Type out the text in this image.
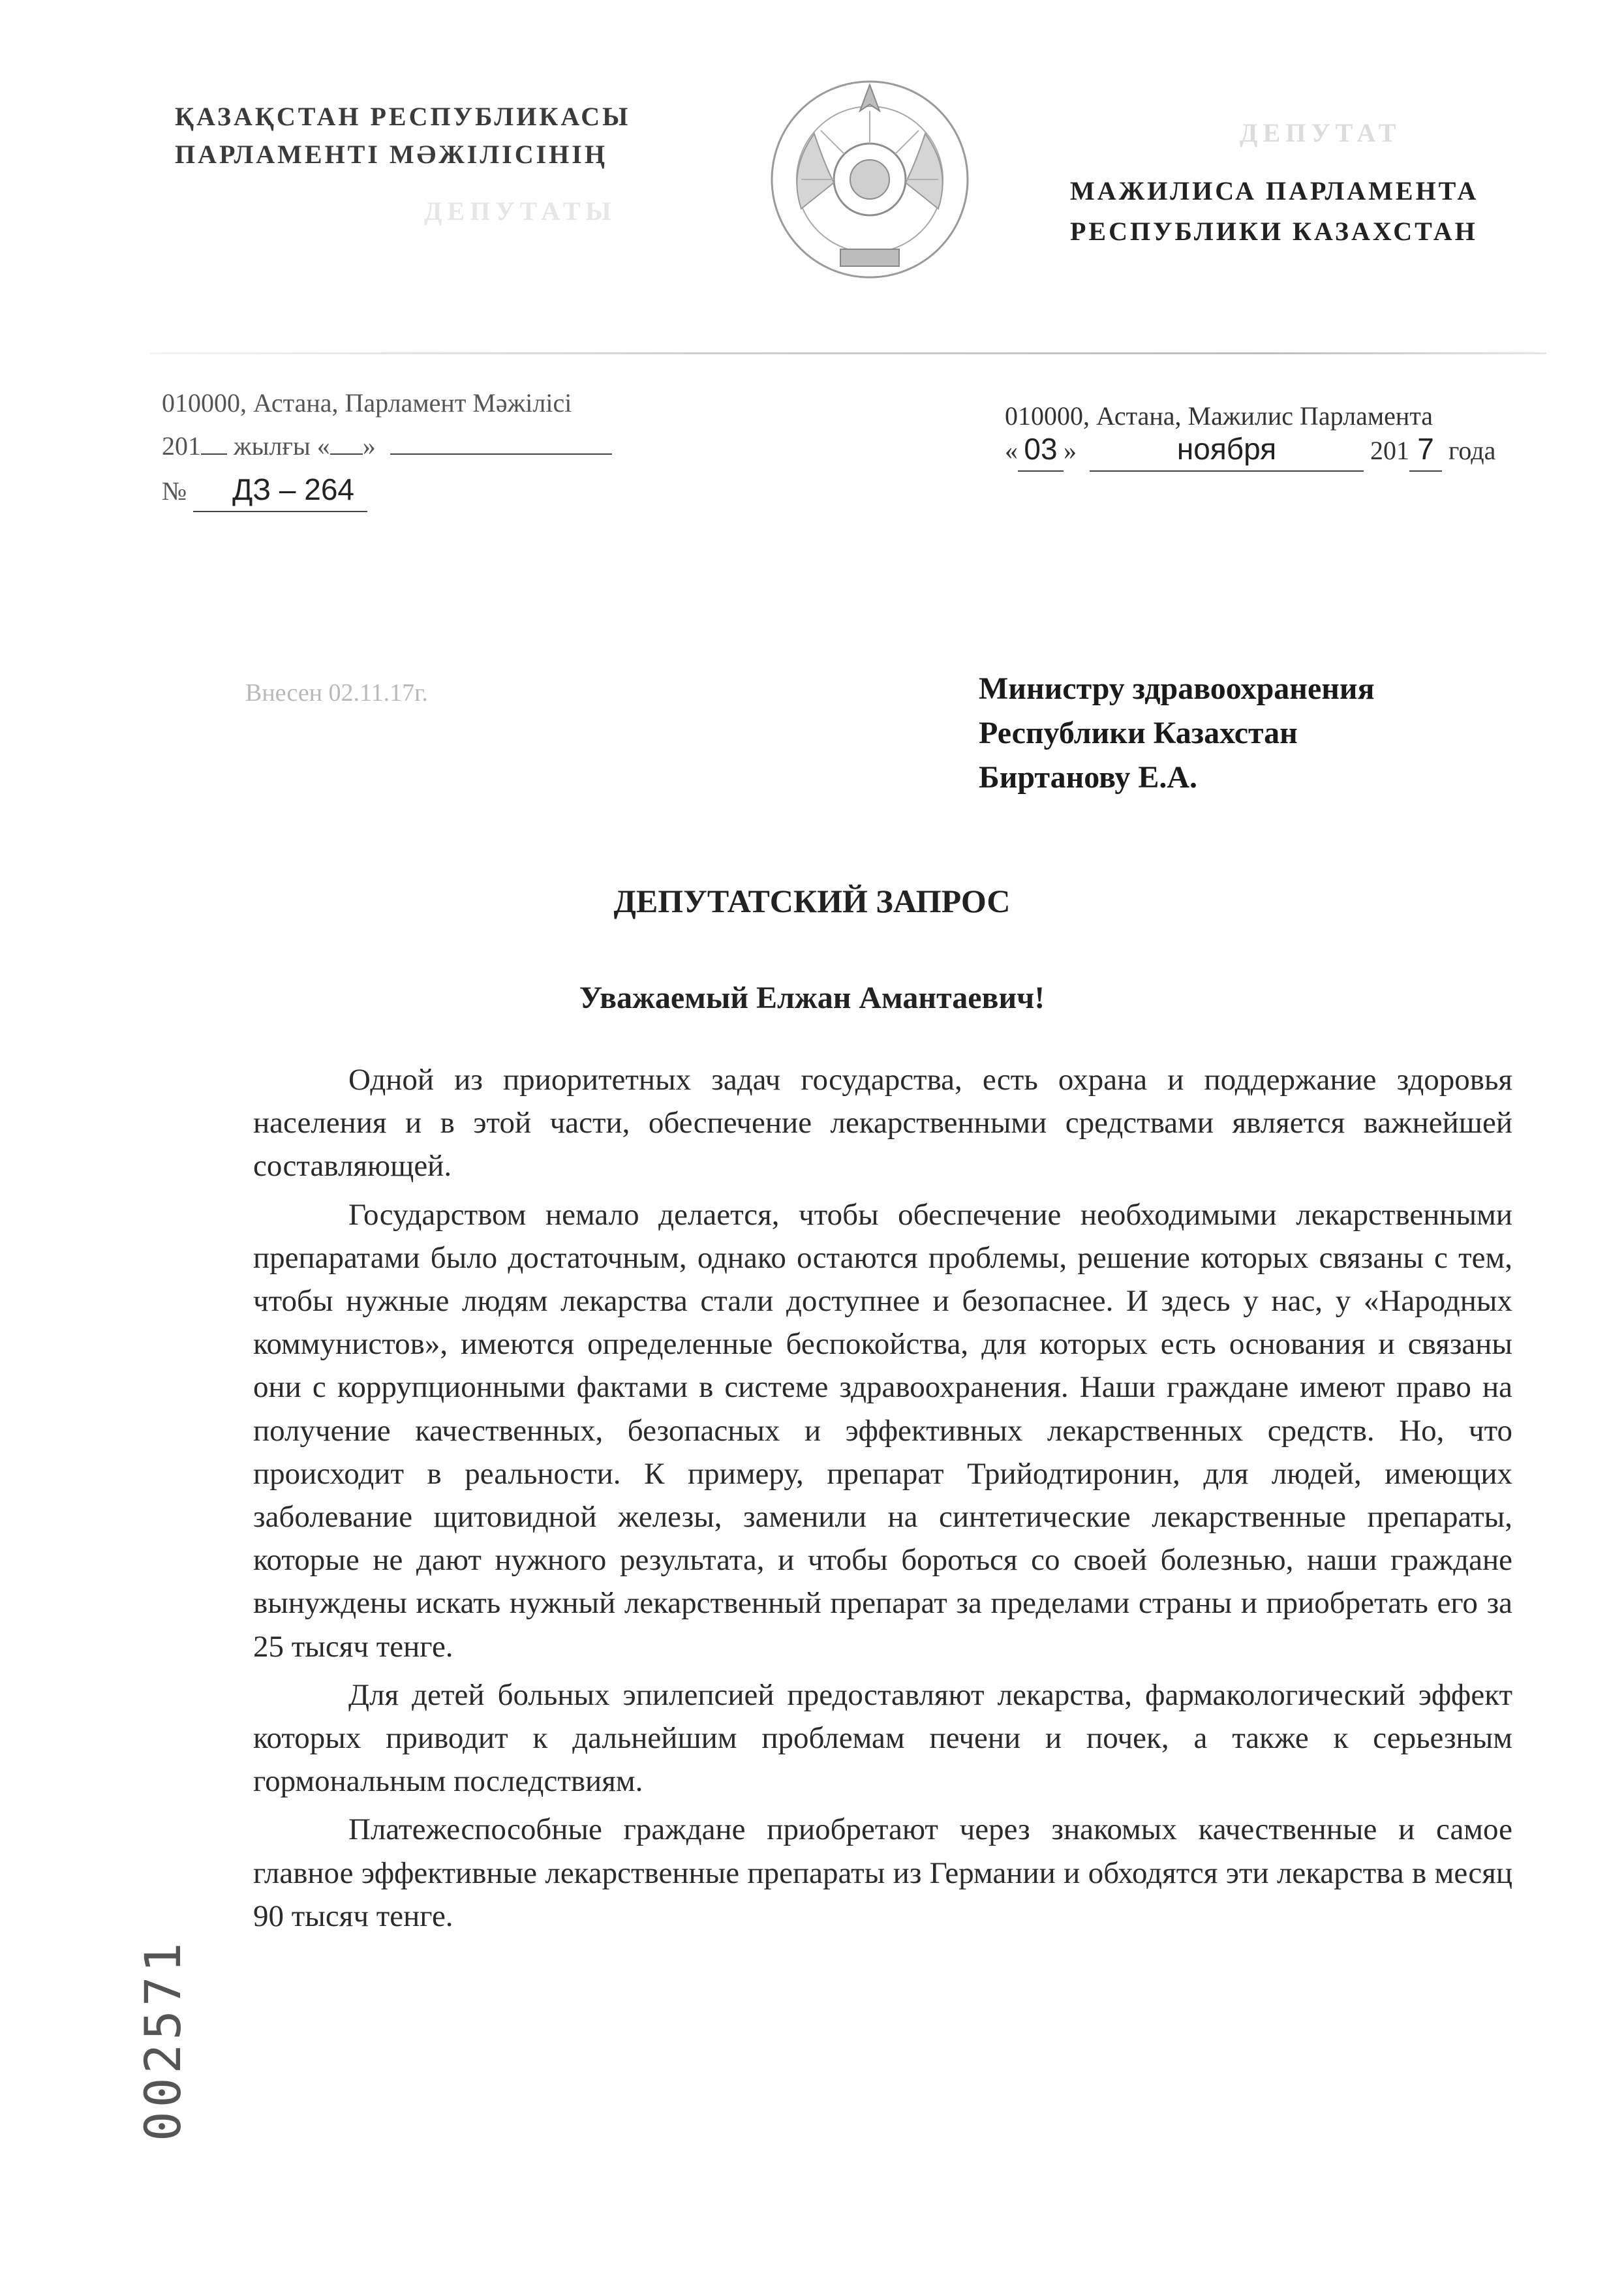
ҚАЗАҚСТАН РЕСПУБЛИКАСЫ
ПАРЛАМЕНТІ МӘЖІЛІСІНІҢ
ДЕПУТАТЫ
ДЕПУТАТ
МАЖИЛИСА ПАРЛАМЕНТА
РЕСПУБЛИКИ КАЗАХСТАН
010000, Астана, Парламент Мәжілісі
201 жылғы « »
№ ДЗ – 264
010000, Астана, Мажилис Парламента
« 03 »	ноября	201 7 года
Внесен 02.11.17г.	Министру здравоохранения
Республики Казахстан
Биртанову Е.А.
ДЕПУТАТСКИЙ ЗАПРОС
Уважаемый Елжан Амантаевич!

Одной из приоритетных задач государства, есть охрана и поддержание здоровья населения и в этой части, обеспечение лекарственными средствами является важнейшей составляющей.

Государством немало делается, чтобы обеспечение необходимыми лекарственными препаратами было достаточным, однако остаются проблемы, решение которых связаны с тем, чтобы нужные людям лекарства стали доступнее и безопаснее. И здесь у нас, у «Народных коммунистов», имеются определенные беспокойства, для которых есть основания и связаны они с коррупционными фактами в системе здравоохранения. Наши граждане имеют право на получение качественных, безопасных и эффективных лекарственных средств. Но, что происходит в реальности. К примеру, препарат Трийодтиронин, для людей, имеющих заболевание щитовидной железы, заменили на синтетические лекарственные препараты, которые не дают нужного результата, и чтобы бороться со своей болезнью, наши граждане вынуждены искать нужный лекарственный препарат за пределами страны и приобретать его за 25 тысяч тенге.

Для детей больных эпилепсией предоставляют лекарства, фармакологический эффект которых приводит к дальнейшим проблемам печени и почек, а также к серьезным гормональным последствиям.

Платежеспособные граждане приобретают через знакомых качественные и самое главное эффективные лекарственные препараты из Германии и обходятся эти лекарства в месяц 90 тысяч тенге.

002571
